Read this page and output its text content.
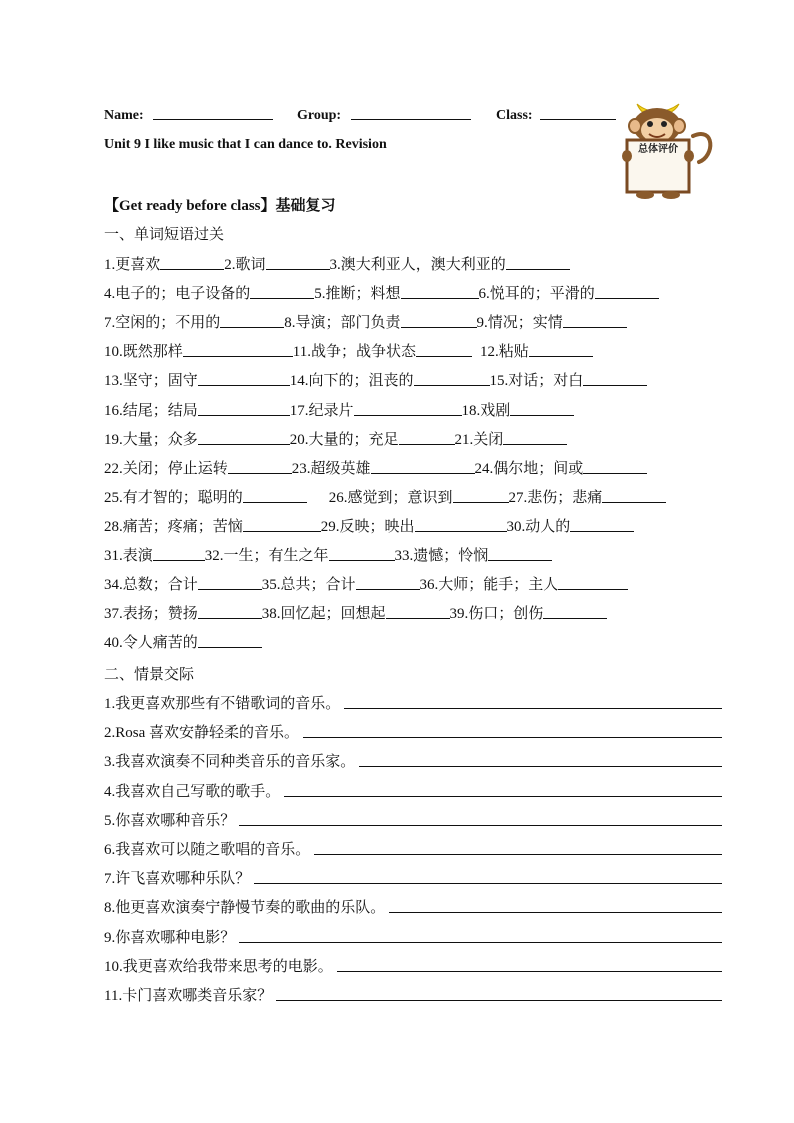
Name:	Group:	Class:
Unit 9 I like music that I can dance to. Revision	总体评价
【Get ready before class】基础复习
一、单词短语过关
1.更喜欢	2.歌词	3.澳大利亚人，澳大利亚的
4.电子的；电子设备的	5.推断；料想	6.悦耳的；平滑的
7.空闲的；不用的	8.导演；部门负责	9.情况；实情
10.既然那样	11.战争；战争状态	12.粘贴
13.坚守；固守	14.向下的；沮丧的	15.对话；对白
16.结尾；结局	17.纪录片	18.戏剧
19.大量；众多	20.大量的；充足	21.关闭
22.关闭；停止运转	23.超级英雄	24.偶尔地；间或
25.有才智的；聪明的	26.感觉到；意识到	27.悲伤；悲痛
28.痛苦；疼痛；苦恼	29.反映；映出	30.动人的
31.表演	32.一生；有生之年	33.遗憾；怜悯
34.总数；合计	35.总共；合计	36.大师；能手；主人
37.表扬；赞扬	38.回忆起；回想起	39.伤口；创伤
40.令人痛苦的
二、情景交际
1.我更喜欢那些有不错歌词的音乐。
2.Rosa 喜欢安静轻柔的音乐。
3.我喜欢演奏不同种类音乐的音乐家。
4.我喜欢自己写歌的歌手。
5.你喜欢哪种音乐？
6.我喜欢可以随之歌唱的音乐。
7.许飞喜欢哪种乐队？
8.他更喜欢演奏宁静慢节奏的歌曲的乐队。
9.你喜欢哪种电影？
10.我更喜欢给我带来思考的电影。
11.卡门喜欢哪类音乐家？
